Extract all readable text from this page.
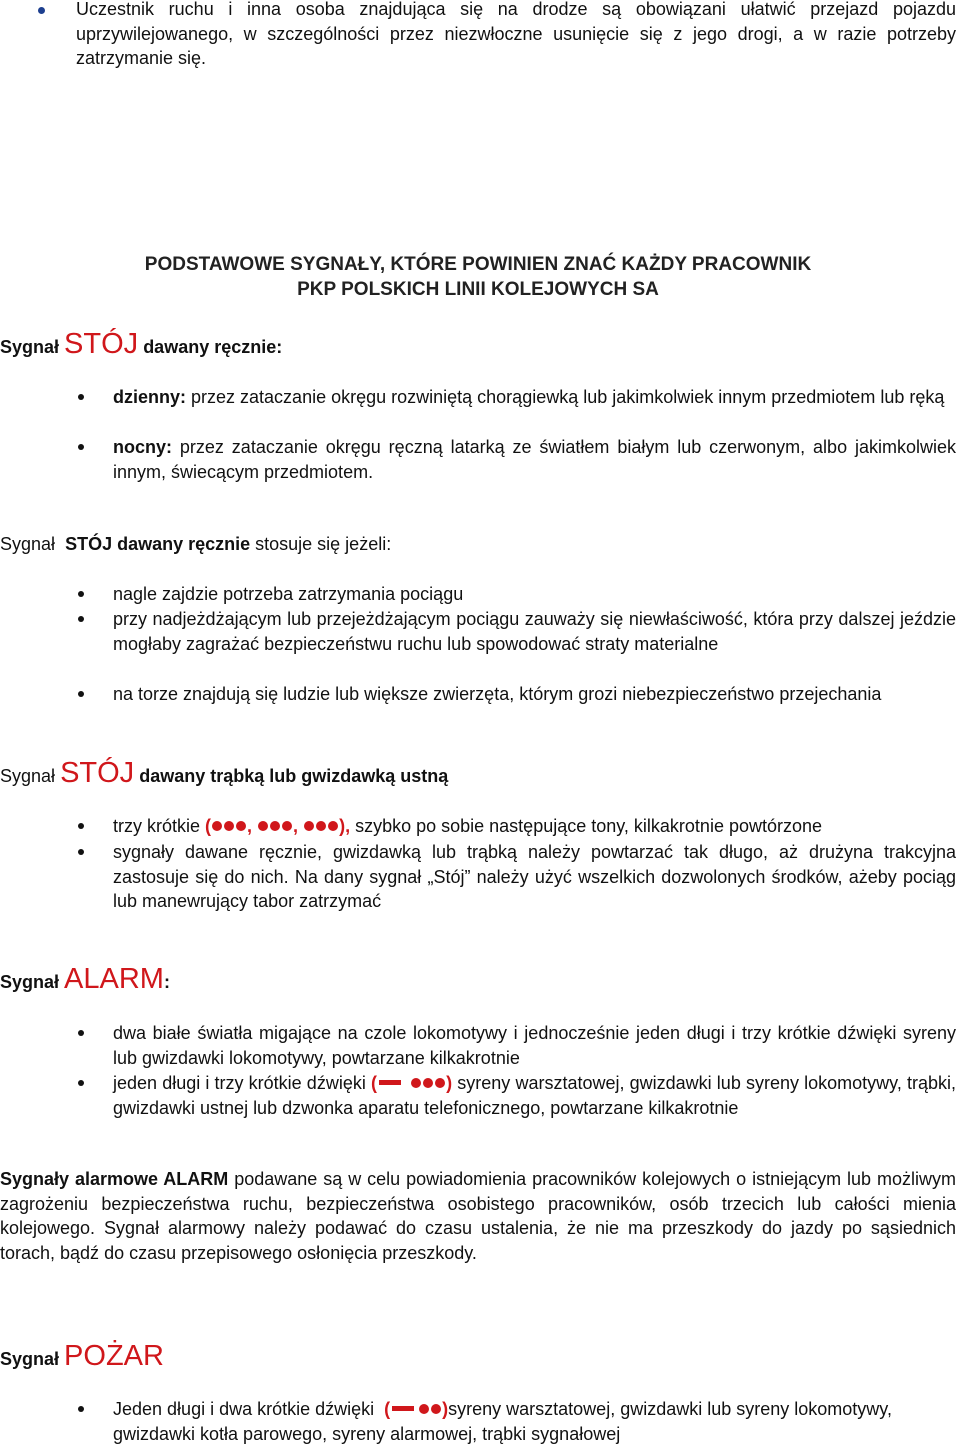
Uczestnik ruchu i inna osoba znajdująca się na drodze są obowiązani ułatwić przejazd pojazdu uprzywilejowanego, w szczególności przez niezwłoczne usunięcie się z jego drogi, a w razie potrzeby zatrzymanie się.
PODSTAWOWE SYGNAŁY, KTÓRE POWINIEN ZNAĆ KAŻDY PRACOWNIK
PKP POLSKICH LINII KOLEJOWYCH SA
Sygnał STÓJ dawany ręcznie:
dzienny: przez zataczanie okręgu rozwiniętą chorągiewką lub jakimkolwiek innym przedmiotem lub ręką
nocny: przez zataczanie okręgu ręczną latarką ze światłem białym lub czerwonym, albo jakimkolwiek innym, świecącym przedmiotem.
Sygnał STÓJ dawany ręcznie stosuje się jeżeli:
nagle zajdzie potrzeba zatrzymania pociągu
przy nadjeżdżającym lub przejeżdżającym pociągu zauważy się niewłaściwość, która przy dalszej jeździe mogłaby zagrażać bezpieczeństwu ruchu lub spowodować straty materialne
na torze znajdują się ludzie lub większe zwierzęta, którym grozi niebezpieczeństwo przejechania
Sygnał STÓJ dawany trąbką lub gwizdawką ustną
trzy krótkie ( , , ), szybko po sobie następujące tony, kilkakrotnie powtórzone
sygnały dawane ręcznie, gwizdawką lub trąbką należy powtarzać tak długo, aż drużyna trakcyjna zastosuje się do nich. Na dany sygnał „Stój” należy użyć wszelkich dozwolonych środków, ażeby pociąg lub manewrujący tabor zatrzymać
Sygnał ALARM:
dwa białe światła migające na czole lokomotywy i jednocześnie jeden długi i trzy krótkie dźwięki syreny lub gwizdawki lokomotywy, powtarzane kilkakrotnie
jeden długi i trzy krótkie dźwięki (	) syreny warsztatowej, gwizdawki lub syreny lokomotywy, trąbki, gwizdawki ustnej lub dzwonka aparatu telefonicznego, powtarzane kilkakrotnie
Sygnały alarmowe ALARM podawane są w celu powiadomienia pracowników kolejowych o istniejącym lub możliwym zagrożeniu bezpieczeństwa ruchu, bezpieczeństwa osobistego pracowników, osób trzecich lub całości mienia kolejowego. Sygnał alarmowy należy podawać do czasu ustalenia, że nie ma przeszkody do jazdy po sąsiednich torach, bądź do czasu przepisowego osłonięcia przeszkody.
Sygnał POŻAR
Jeden długi i dwa krótkie dźwięki  (	)syreny warsztatowej, gwizdawki lub syreny lokomotywy, gwizdawki kotła parowego, syreny alarmowej, trąbki sygnałowej
